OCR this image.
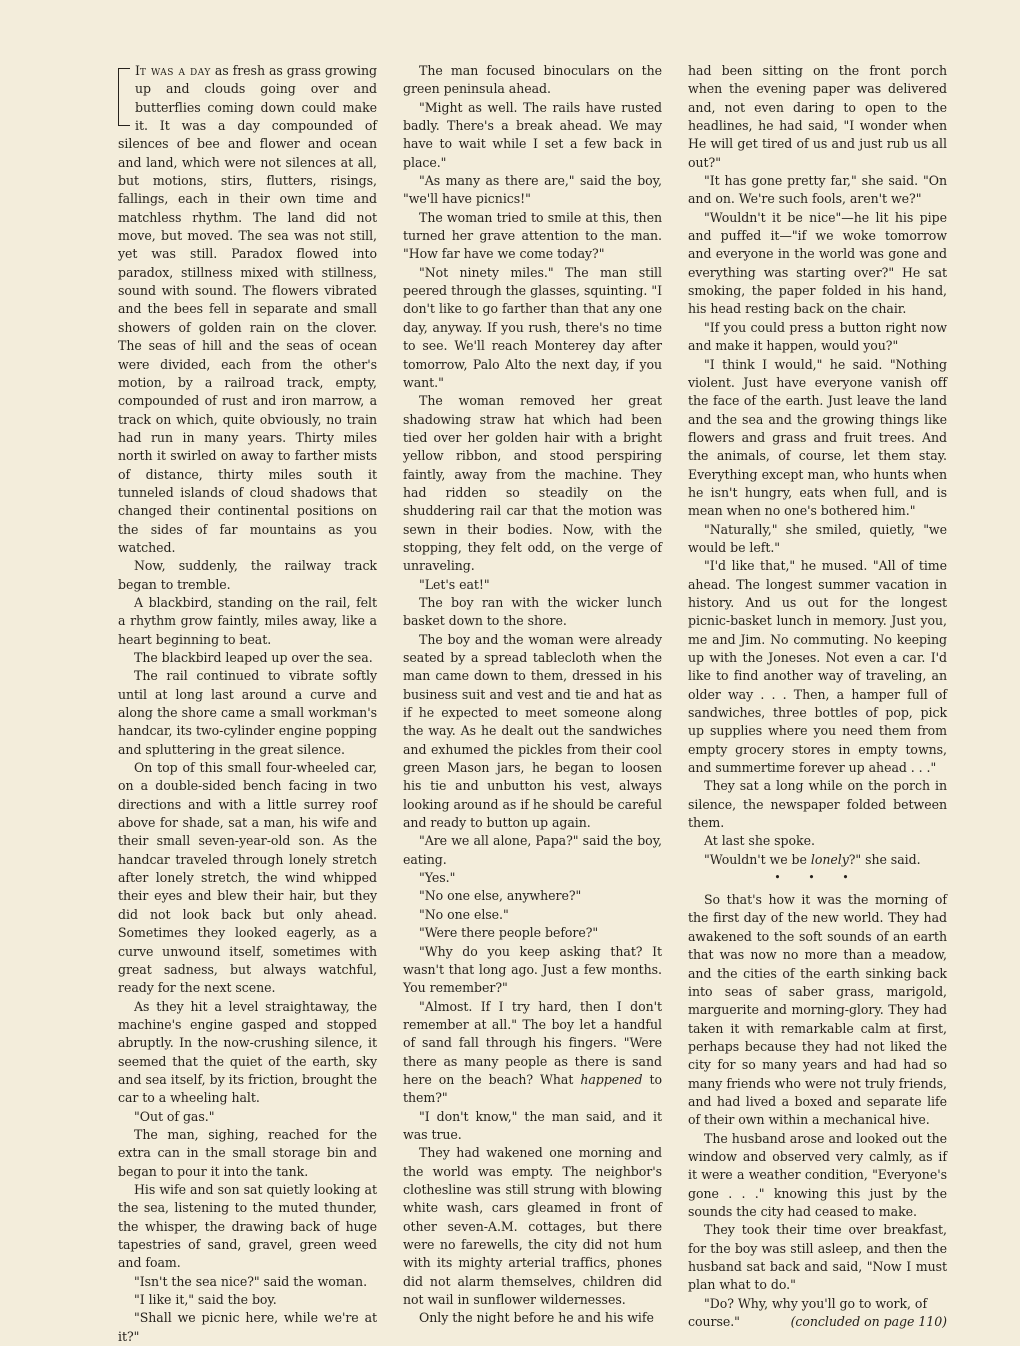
It was a day as fresh as grass growing up and clouds going over and butterflies coming down could make it. It was a day compounded of silences of bee and flower and ocean and land, which were not silences at all, but motions, stirs, flutters, risings, fallings, each in their own time and matchless rhythm. The land did not move, but moved. The sea was not still, yet was still. Paradox flowed into paradox, stillness mixed with stillness, sound with sound. The flowers vibrated and the bees fell in separate and small showers of golden rain on the clover. The seas of hill and the seas of ocean were divided, each from the other's motion, by a railroad track, empty, compounded of rust and iron marrow, a track on which, quite obviously, no train had run in many years. Thirty miles north it swirled on away to farther mists of distance, thirty miles south it tunneled islands of cloud shadows that changed their continental positions on the sides of far mountains as you watched.

Now, suddenly, the railway track began to tremble.

A blackbird, standing on the rail, felt a rhythm grow faintly, miles away, like a heart beginning to beat.

The blackbird leaped up over the sea.

The rail continued to vibrate softly until at long last around a curve and along the shore came a small workman's handcar, its two-cylinder engine popping and spluttering in the great silence.

On top of this small four-wheeled car, on a double-sided bench facing in two directions and with a little surrey roof above for shade, sat a man, his wife and their small seven-year-old son. As the handcar traveled through lonely stretch after lonely stretch, the wind whipped their eyes and blew their hair, but they did not look back but only ahead. Sometimes they looked eagerly, as a curve unwound itself, sometimes with great sadness, but always watchful, ready for the next scene.

As they hit a level straightaway, the machine's engine gasped and stopped abruptly. In the now-crushing silence, it seemed that the quiet of the earth, sky and sea itself, by its friction, brought the car to a wheeling halt.

"Out of gas."

The man, sighing, reached for the extra can in the small storage bin and began to pour it into the tank.

His wife and son sat quietly looking at the sea, listening to the muted thunder, the whisper, the drawing back of huge tapestries of sand, gravel, green weed and foam.

"Isn't the sea nice?" said the woman.

"I like it," said the boy.

"Shall we picnic here, while we're at it?"

The man focused binoculars on the green peninsula ahead.

"Might as well. The rails have rusted badly. There's a break ahead. We may have to wait while I set a few back in place."

"As many as there are," said the boy, "we'll have picnics!"

The woman tried to smile at this, then turned her grave attention to the man. "How far have we come today?"

"Not ninety miles." The man still peered through the glasses, squinting. "I don't like to go farther than that any one day, anyway. If you rush, there's no time to see. We'll reach Monterey day after tomorrow, Palo Alto the next day, if you want."

The woman removed her great shadowing straw hat which had been tied over her golden hair with a bright yellow ribbon, and stood perspiring faintly, away from the machine. They had ridden so steadily on the shuddering rail car that the motion was sewn in their bodies. Now, with the stopping, they felt odd, on the verge of unraveling.

"Let's eat!"

The boy ran with the wicker lunch basket down to the shore.

The boy and the woman were already seated by a spread tablecloth when the man came down to them, dressed in his business suit and vest and tie and hat as if he expected to meet someone along the way. As he dealt out the sandwiches and exhumed the pickles from their cool green Mason jars, he began to loosen his tie and unbutton his vest, always looking around as if he should be careful and ready to button up again.

"Are we all alone, Papa?" said the boy, eating.

"Yes."

"No one else, anywhere?"

"No one else."

"Were there people before?"

"Why do you keep asking that? It wasn't that long ago. Just a few months. You remember?"

"Almost. If I try hard, then I don't remember at all." The boy let a handful of sand fall through his fingers. "Were there as many people as there is sand here on the beach? What happened to them?"

"I don't know," the man said, and it was true.

They had wakened one morning and the world was empty. The neighbor's clothesline was still strung with blowing white wash, cars gleamed in front of other seven-A.M. cottages, but there were no farewells, the city did not hum with its mighty arterial traffics, phones did not alarm themselves, children did not wail in sunflower wildernesses.

Only the night before he and his wife

had been sitting on the front porch when the evening paper was delivered and, not even daring to open to the headlines, he had said, "I wonder when He will get tired of us and just rub us all out?"

"It has gone pretty far," she said. "On and on. We're such fools, aren't we?"

"Wouldn't it be nice"—he lit his pipe and puffed it—"if we woke tomorrow and everyone in the world was gone and everything was starting over?" He sat smoking, the paper folded in his hand, his head resting back on the chair.

"If you could press a button right now and make it happen, would you?"

"I think I would," he said. "Nothing violent. Just have everyone vanish off the face of the earth. Just leave the land and the sea and the growing things like flowers and grass and fruit trees. And the animals, of course, let them stay. Everything except man, who hunts when he isn't hungry, eats when full, and is mean when no one's bothered him."

"Naturally," she smiled, quietly, "we would be left."

"I'd like that," he mused. "All of time ahead. The longest summer vacation in history. And us out for the longest picnic-basket lunch in memory. Just you, me and Jim. No commuting. No keeping up with the Joneses. Not even a car. I'd like to find another way of traveling, an older way . . . Then, a hamper full of sandwiches, three bottles of pop, pick up supplies where you need them from empty grocery stores in empty towns, and summertime forever up ahead . . ."

They sat a long while on the porch in silence, the newspaper folded between them.

At last she spoke.

"Wouldn't we be lonely?" she said.

• • •

So that's how it was the morning of the first day of the new world. They had awakened to the soft sounds of an earth that was now no more than a meadow, and the cities of the earth sinking back into seas of saber grass, marigold, marguerite and morning-glory. They had taken it with remarkable calm at first, perhaps because they had not liked the city for so many years and had had so many friends who were not truly friends, and had lived a boxed and separate life of their own within a mechanical hive.

The husband arose and looked out the window and observed very calmly, as if it were a weather condition, "Everyone's gone . . ." knowing this just by the sounds the city had ceased to make.

They took their time over breakfast, for the boy was still asleep, and then the husband sat back and said, "Now I must plan what to do."

"Do? Why, why you'll go to work, of

course."	(concluded on page 110)
